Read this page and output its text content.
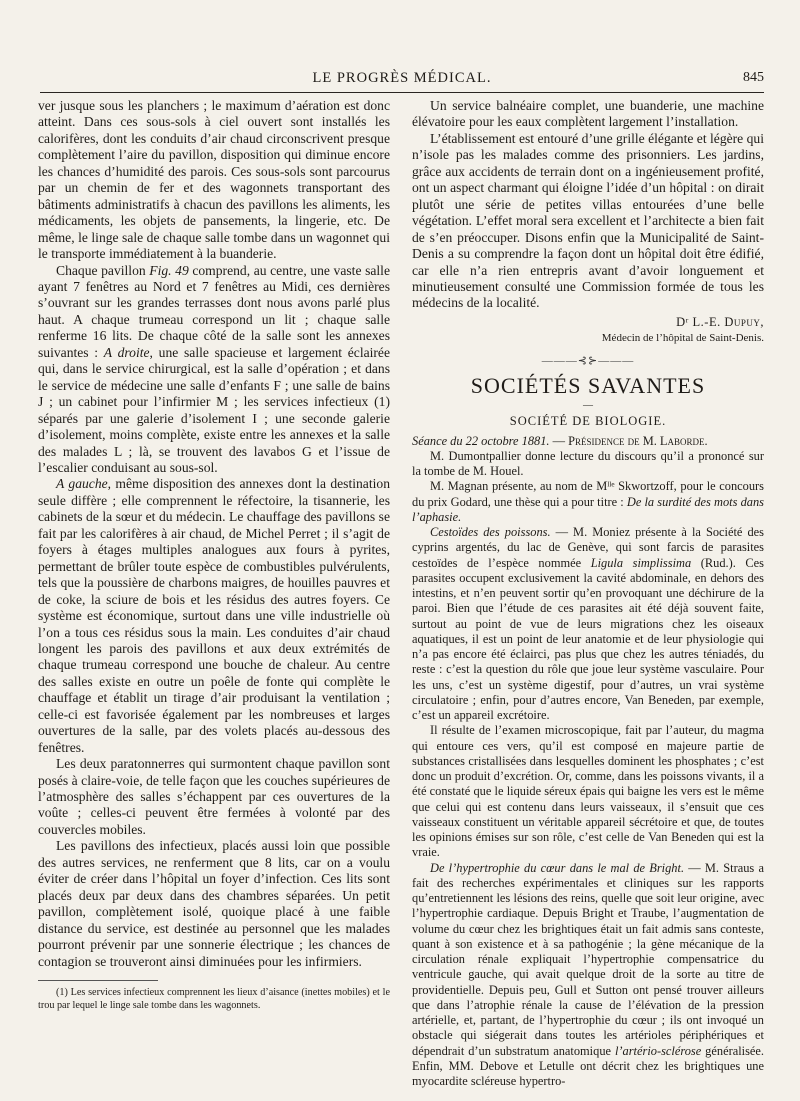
LE PROGRÈS MÉDICAL.	845

ver jusque sous les planchers ; le maximum d’aération est donc atteint. Dans ces sous-sols à ciel ouvert sont installés les calorifères, dont les conduits d’air chaud circonscrivent presque complètement l’aire du pavillon, disposition qui diminue encore les chances d’humidité des parois. Ces sous-sols sont parcourus par un chemin de fer et des wagonnets transportant des bâtiments administratifs à chacun des pavillons les aliments, les médicaments, les objets de pansements, la lingerie, etc. De même, le linge sale de chaque salle tombe dans un wagonnet qui le transporte immédiatement à la buanderie.

Chaque pavillon Fig. 49 comprend, au centre, une vaste salle ayant 7 fenêtres au Nord et 7 fenêtres au Midi, ces dernières s’ouvrant sur les grandes terrasses dont nous avons parlé plus haut. A chaque trumeau correspond un lit ; chaque salle renferme 16 lits. De chaque côté de la salle sont les annexes suivantes : A droite, une salle spacieuse et largement éclairée qui, dans le service chirurgical, est la salle d’opération ; et dans le service de médecine une salle d’enfants F ; une salle de bains J ; un cabinet pour l’infirmier M ; les services infectieux (1) séparés par une galerie d’isolement I ; une seconde galerie d’isolement, moins complète, existe entre les annexes et la salle des malades L ; là, se trouvent des lavabos G et l’issue de l’escalier conduisant au sous-sol.

A gauche, même disposition des annexes dont la destination seule diffère ; elle comprennent le réfectoire, la tisannerie, les cabinets de la sœur et du médecin. Le chauffage des pavillons se fait par les calorifères à air chaud, de Michel Perret ; il s’agit de foyers à étages multiples analogues aux fours à pyrites, permettant de brûler toute espèce de combustibles pulvérulents, tels que la poussière de charbons maigres, de houilles pauvres et de coke, la sciure de bois et les résidus des autres foyers. Ce système est économique, surtout dans une ville industrielle où l’on a tous ces résidus sous la main. Les conduites d’air chaud longent les parois des pavillons et aux deux extrémités de chaque trumeau correspond une bouche de chaleur. Au centre des salles existe en outre un poêle de fonte qui complète le chauffage et établit un tirage d’air produisant la ventilation ; celle-ci est favorisée également par les nombreuses et larges ouvertures de la salle, par des volets placés au-dessous des fenêtres.

Les deux paratonnerres qui surmontent chaque pavillon sont posés à claire-voie, de telle façon que les couches supérieures de l’atmosphère des salles s’échappent par ces ouvertures de la voûte ; celles-ci peuvent être fermées à volonté par des couvercles mobiles.

Les pavillons des infectieux, placés aussi loin que possible des autres services, ne renferment que 8 lits, car on a voulu éviter de créer dans l’hôpital un foyer d’infection. Ces lits sont placés deux par deux dans des chambres séparées. Un petit pavillon, complètement isolé, quoique placé à une faible distance du service, est destinée au personnel que les malades pourront prévenir par une sonnerie électrique ; les chances de contagion se trouveront ainsi diminuées pour les infirmiers.

(1) Les services infectieux comprennent les lieux d’aisance (inettes mobiles) et le trou par lequel le linge sale tombe dans les wagonnets.

Un service balnéaire complet, une buanderie, une machine élévatoire pour les eaux complètent largement l’installation.

L’établissement est entouré d’une grille élégante et légère qui n’isole pas les malades comme des prisonniers. Les jardins, grâce aux accidents de terrain dont on a ingénieusement profité, ont un aspect charmant qui éloigne l’idée d’un hôpital : on dirait plutôt une série de petites villas entourées d’une belle végétation. L’effet moral sera excellent et l’architecte a bien fait de s’en préoccuper. Disons enfin que la Municipalité de Saint-Denis a su comprendre la façon dont un hôpital doit être édifié, car elle n’a rien entrepris avant d’avoir longuement et minutieusement consulté une Commission formée de tous les médecins de la localité.

Dʳ L.-E. Dupuy,
Médecin de l’hôpital de Saint-Denis.
———⊰⊱———
SOCIÉTÉS SAVANTES
—
SOCIÉTÉ DE BIOLOGIE.

Séance du 22 octobre 1881. — Présidence de M. Laborde.

M. Dumontpallier donne lecture du discours qu’il a prononcé sur la tombe de M. Houel.

M. Magnan présente, au nom de Mˡˡᵉ Skwortzoff, pour le concours du prix Godard, une thèse qui a pour titre : De la surdité des mots dans l’aphasie.

Cestoïdes des poissons. — M. Moniez présente à la Société des cyprins argentés, du lac de Genève, qui sont farcis de parasites cestoïdes de l’espèce nommée Ligula simplissima (Rud.). Ces parasites occupent exclusivement la cavité abdominale, en dehors des intestins, et n’en peuvent sortir qu’en provoquant une déchirure de la paroi. Bien que l’étude de ces parasites ait été déjà souvent faite, surtout au point de vue de leurs migrations chez les oiseaux aquatiques, il est un point de leur anatomie et de leur physiologie qui n’a pas encore été éclairci, pas plus que chez les autres téniadés, du reste : c’est la question du rôle que joue leur système vasculaire. Pour les uns, c’est un système digestif, pour d’autres, un vrai système circulatoire ; enfin, pour d’autres encore, Van Beneden, par exemple, c’est un appareil excrétoire.

Il résulte de l’examen microscopique, fait par l’auteur, du magma qui entoure ces vers, qu’il est composé en majeure partie de substances cristallisées dans lesquelles dominent les phosphates ; c’est donc un produit d’excrétion. Or, comme, dans les poissons vivants, il a été constaté que le liquide séreux épais qui baigne les vers est le même que celui qui est contenu dans leurs vaisseaux, il s’ensuit que ces vaisseaux constituent un véritable appareil sécrétoire et que, de toutes les opinions émises sur son rôle, c’est celle de Van Beneden qui est la vraie.

De l’hypertrophie du cœur dans le mal de Bright. — M. Straus a fait des recherches expérimentales et cliniques sur les rapports qu’entretiennent les lésions des reins, quelle que soit leur origine, avec l’hypertrophie cardiaque. Depuis Bright et Traube, l’augmentation de volume du cœur chez les brightiques était un fait admis sans conteste, quant à son existence et à sa pathogénie ; la gène mécanique de la circulation rénale expliquait l’hypertrophie compensatrice du ventricule gauche, qui avait quelque droit de la sorte au titre de providentielle. Depuis peu, Gull et Sutton ont pensé trouver ailleurs que dans l’atrophie rénale la cause de l’élévation de la pression artérielle, et, partant, de l’hypertrophie du cœur ; ils ont invoqué un obstacle qui siégerait dans toutes les artérioles périphériques et dépendrait d’un substratum anatomique l’artério-sclérose généralisée. Enfin, MM. Debove et Letulle ont décrit chez les brightiques une myocardite scléreuse hypertro-
